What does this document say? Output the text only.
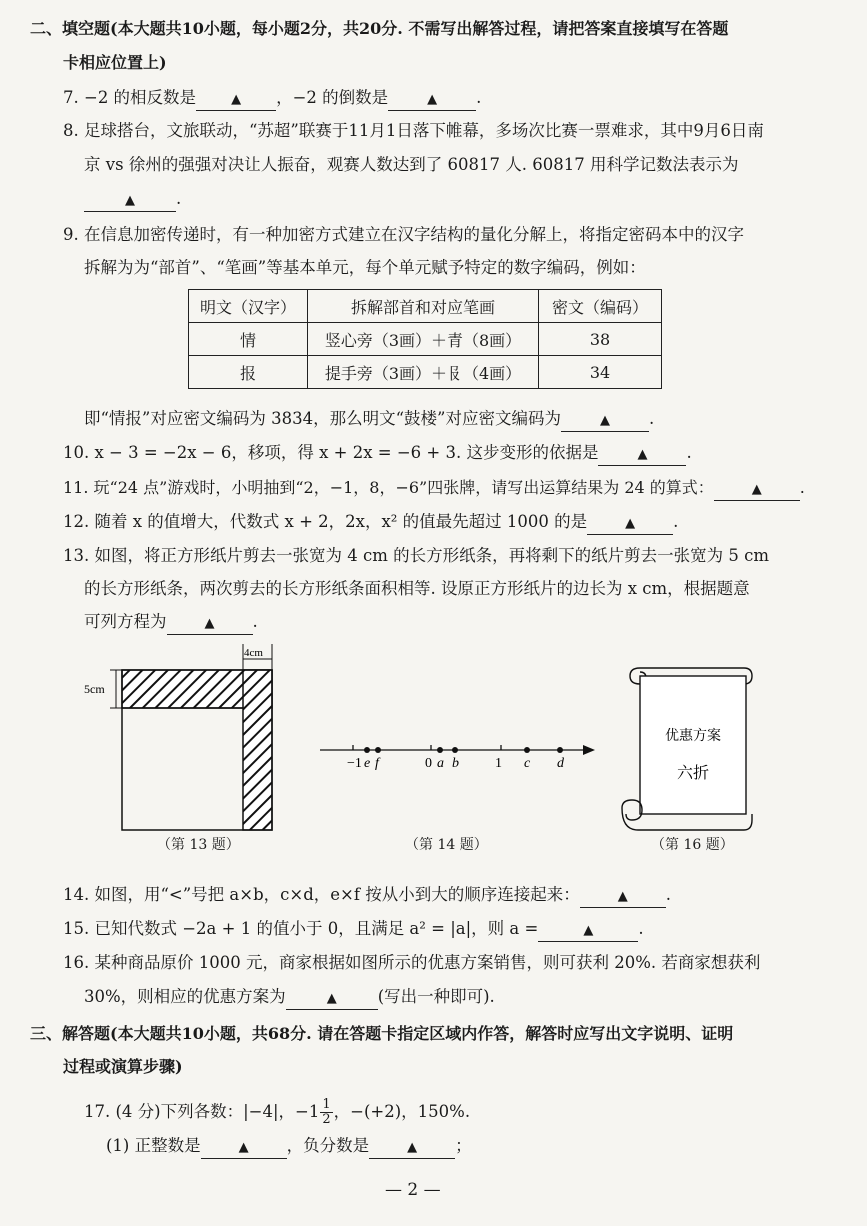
二、填空题(本大题共10小题，每小题2分，共20分. 不需写出解答过程，请把答案直接填写在答题
卡相应位置上)
7. −2 的相反数是	▲ ，−2 的倒数是	▲ .
8. 足球搭台，文旅联动，“苏超”联赛于11月1日落下帷幕，多场次比赛一票难求，其中9月6日南
京 vs 徐州的强强对决让人振奋，观赛人数达到了 60817 人. 60817 用科学记数法表示为
▲ .
9. 在信息加密传递时，有一种加密方式建立在汉字结构的量化分解上，将指定密码本中的汉字
拆解为为“部首”、“笔画”等基本单元，每个单元赋予特定的数字编码，例如：
明文（汉字）	拆解部首和对应笔画	密文（编码）
情	竖心旁（3画）＋青（8画）	38
报	提手旁（3画）＋𠬝（4画）	34
即“情报”对应密文编码为 3834，那么明文“鼓楼”对应密文编码为	▲ .
10. x − 3 = −2x − 6，移项，得 x + 2x = −6 + 3. 这步变形的依据是	▲ .
11. 玩“24 点”游戏时，小明抽到“2，−1，8，−6”四张牌，请写出运算结果为 24 的算式：	▲ .
12. 随着 x 的值增大，代数式 x + 2，2x，x² 的值最先超过 1000 的是	▲ .
13. 如图，将正方形纸片剪去一张宽为 4 cm 的长方形纸条，再将剩下的纸片剪去一张宽为 5 cm
的长方形纸条，两次剪去的长方形纸条面积相等. 设原正方形纸片的边长为 x cm，根据题意
可列方程为	▲ .
4cm
5cm
（第 13 题）
−1	0	1
e f	a b	c d
（第 14 题）
优惠方案
六折
（第 16 题）
14. 如图，用“<”号把 a×b，c×d，e×f 按从小到大的顺序连接起来：	▲ .
15. 已知代数式 −2a + 1 的值小于 0，且满足 a² = |a|，则 a =	▲	.
16. 某种商品原价 1000 元，商家根据如图所示的优惠方案销售，则可获利 20%. 若商家想获利
30%，则相应的优惠方案为	▲ (写出一种即可).
三、解答题(本大题共10小题，共68分. 请在答题卡指定区域内作答，解答时应写出文字说明、证明
过程或演算步骤)
17. (4 分)下列各数：|−4|，$-1 \frac{1}{2}$ ，−(+2)，150%.
(1) 正整数是	▲ ，负分数是	▲ ；
— 2 —
